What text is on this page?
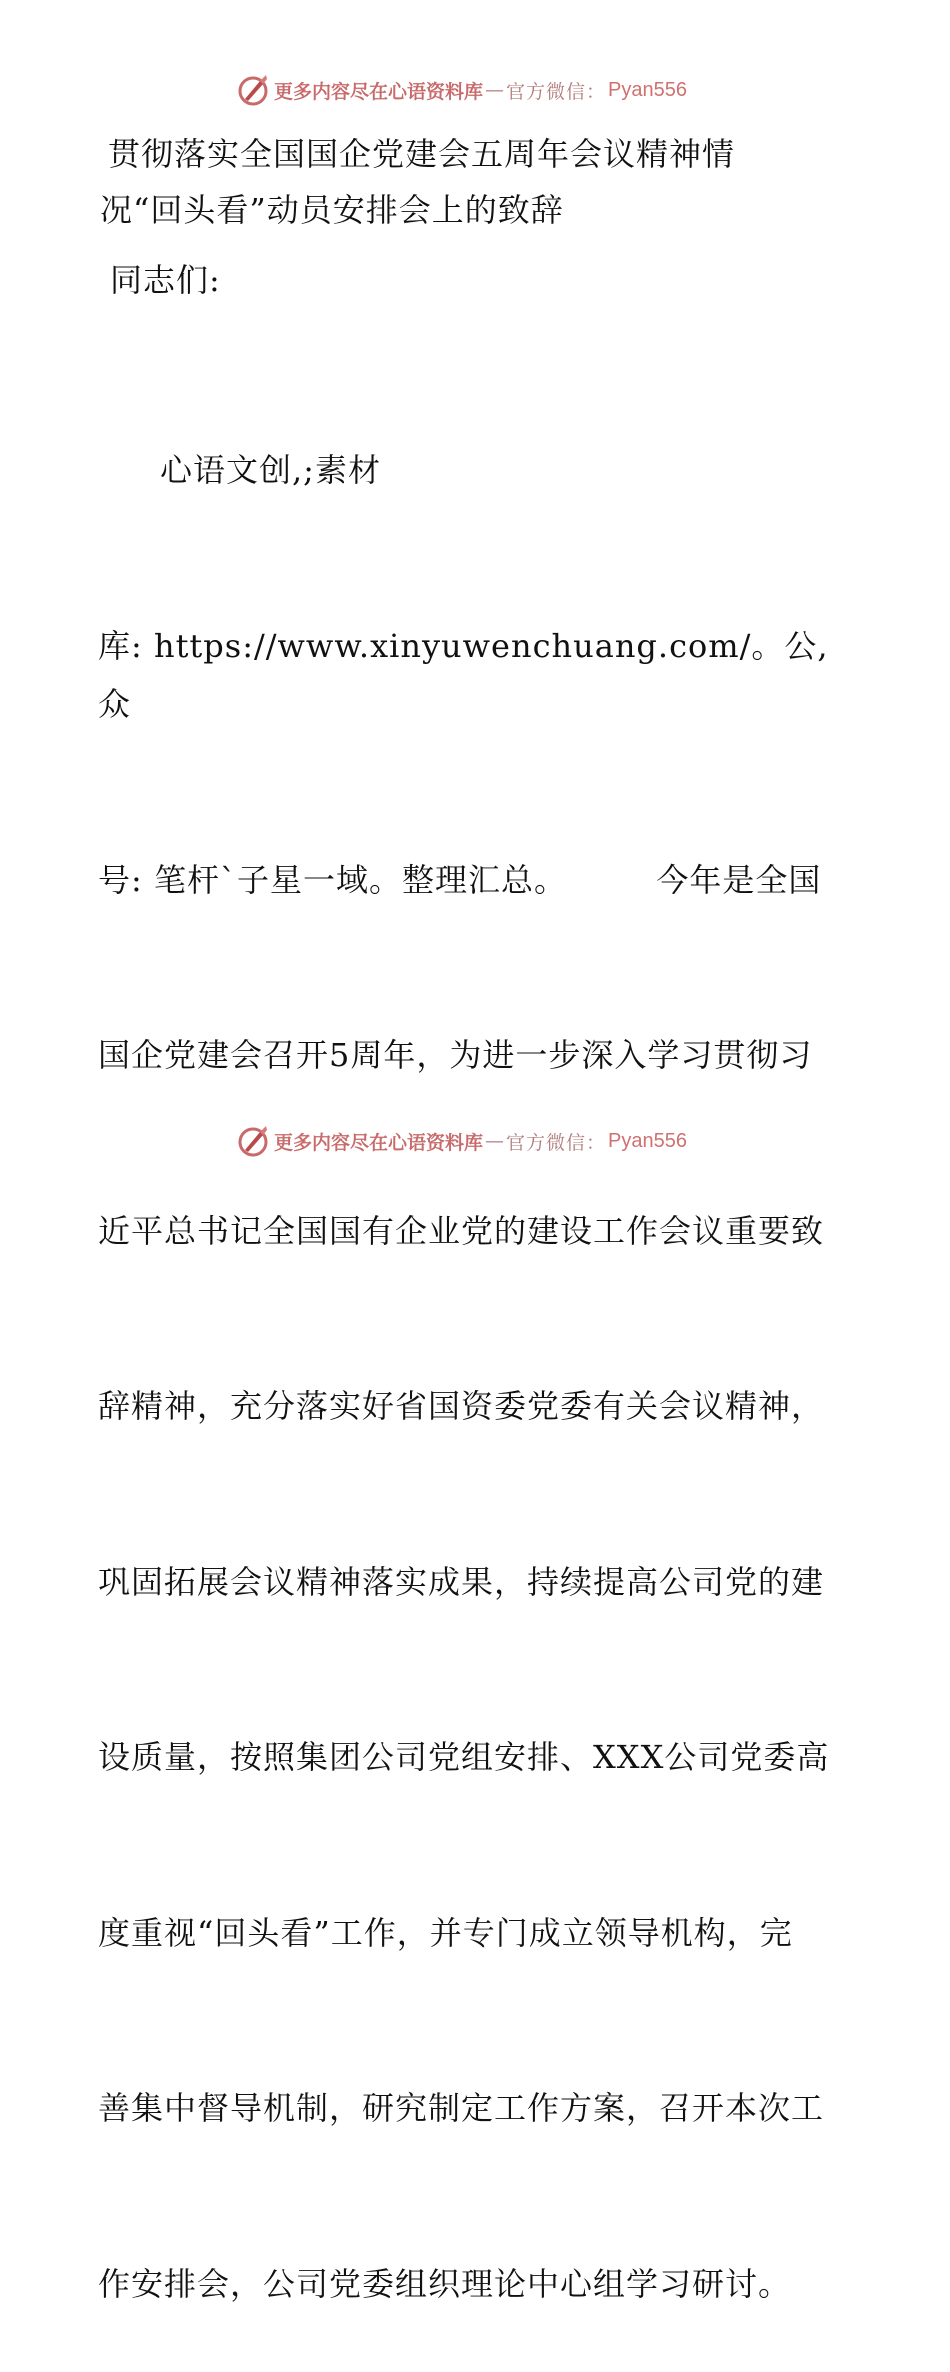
更多内容尽在心语资料库 — 官方微信： Pyan556
贯彻落实全国国企党建会五周年会议精神情
况“回头看”动员安排会上的致辞
同志们:

心语文创,;素材

库: https://www.xinyuwenchuang.com/。公,众

号: 笔杆`子星一域。整理汇总。        今年是全国

国企党建会召开5周年，为进一步深入学习贯彻习

近平总书记全国国有企业党的建设工作会议重要致

辞精神，充分落实好省国资委党委有关会议精神，

巩固拓展会议精神落实成果，持续提高公司党的建

设质量，按照集团公司党组安排、XXX公司党委高

度重视“回头看”工作，并专门成立领导机构，完

善集中督导机制，研究制定工作方案，召开本次工

作安排会，公司党委组织理论中心组学习研讨。

更多内容尽在心语资料库 — 官方微信： Pyan556
